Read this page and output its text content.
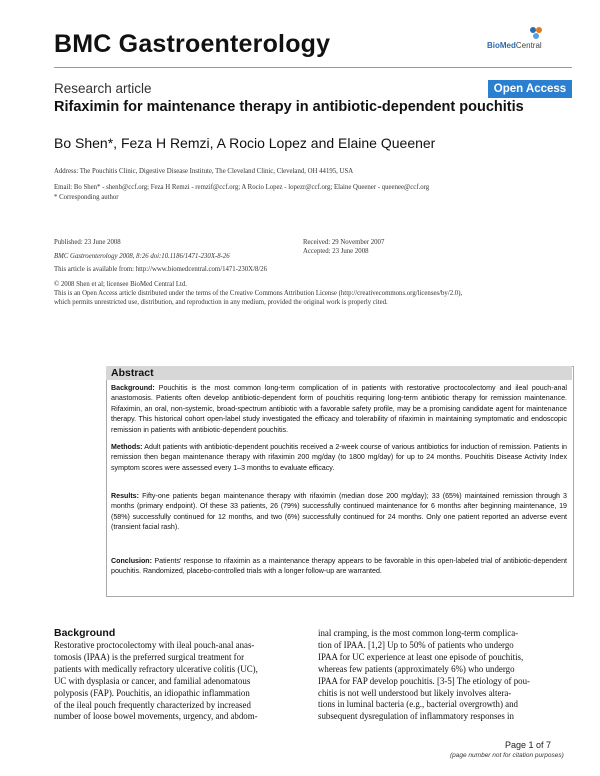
BMC Gastroenterology	BioMedCentral
Research article	Open Access
Rifaximin for maintenance therapy in antibiotic-dependent pouchitis
Bo Shen*, Feza H Remzi, A Rocio Lopez and Elaine Queener
Address: The Pouchitis Clinic, Digestive Disease Institute, The Cleveland Clinic, Cleveland, OH 44195, USA
Email: Bo Shen* - shenb@ccf.org; Feza H Remzi - remzif@ccf.org; A Rocio Lopez - lopezr@ccf.org; Elaine Queener - queenee@ccf.org
* Corresponding author
Published: 23 June 2008
BMC Gastroenterology 2008, 8:26 doi:10.1186/1471-230X-8-26
Received: 29 November 2007
Accepted: 23 June 2008
This article is available from: http://www.biomedcentral.com/1471-230X/8/26
© 2008 Shen et al; licensee BioMed Central Ltd.
This is an Open Access article distributed under the terms of the Creative Commons Attribution License (http://creativecommons.org/licenses/by/2.0),
which permits unrestricted use, distribution, and reproduction in any medium, provided the original work is properly cited.
Abstract
Background: Pouchitis is the most common long-term complication of in patients with restorative proctocolectomy and ileal pouch-anal anastomosis. Patients often develop antibiotic-dependent form of pouchitis requiring long-term antibiotic therapy for remission maintenance. Rifaximin, an oral, non-systemic, broad-spectrum antibiotic with a favorable safety profile, may be a promising candidate agent for maintenance therapy. This historical cohort open-label study investigated the efficacy and tolerability of rifaximin in maintaining symptomatic and endoscopic remission in patients with antibiotic-dependent pouchitis.
Methods: Adult patients with antibiotic-dependent pouchitis received a 2-week course of various antibiotics for induction of remission. Patients in remission then began maintenance therapy with rifaximin 200 mg/day (to 1800 mg/day) for up to 24 months. Pouchitis Disease Activity Index symptom scores were assessed every 1–3 months to evaluate efficacy.
Results: Fifty-one patients began maintenance therapy with rifaximin (median dose 200 mg/day); 33 (65%) maintained remission through 3 months (primary endpoint). Of these 33 patients, 26 (79%) successfully continued maintenance for 6 months after beginning maintenance, 19 (58%) successfully continued for 12 months, and two (6%) successfully continued for 24 months. Only one patient reported an adverse event (transient facial rash).
Conclusion: Patients' response to rifaximin as a maintenance therapy appears to be favorable in this open-labeled trial of antibiotic-dependent pouchitis. Randomized, placebo-controlled trials with a longer follow-up are warranted.
Background
Restorative proctocolectomy with ileal pouch-anal anas-
tomosis (IPAA) is the preferred surgical treatment for
patients with medically refractory ulcerative colitis (UC),
UC with dysplasia or cancer, and familial adenomatous
polyposis (FAP). Pouchitis, an idiopathic inflammation
of the ileal pouch frequently characterized by increased
number of loose bowel movements, urgency, and abdom-
inal cramping, is the most common long-term complica-
tion of IPAA. [1,2] Up to 50% of patients who undergo
IPAA for UC experience at least one episode of pouchitis,
whereas few patients (approximately 6%) who undergo
IPAA for FAP develop pouchitis. [3-5] The etiology of pou-
chitis is not well understood but likely involves altera-
tions in luminal bacteria (e.g., bacterial overgrowth) and
subsequent dysregulation of inflammatory responses in
Page 1 of 7
(page number not for citation purposes)
